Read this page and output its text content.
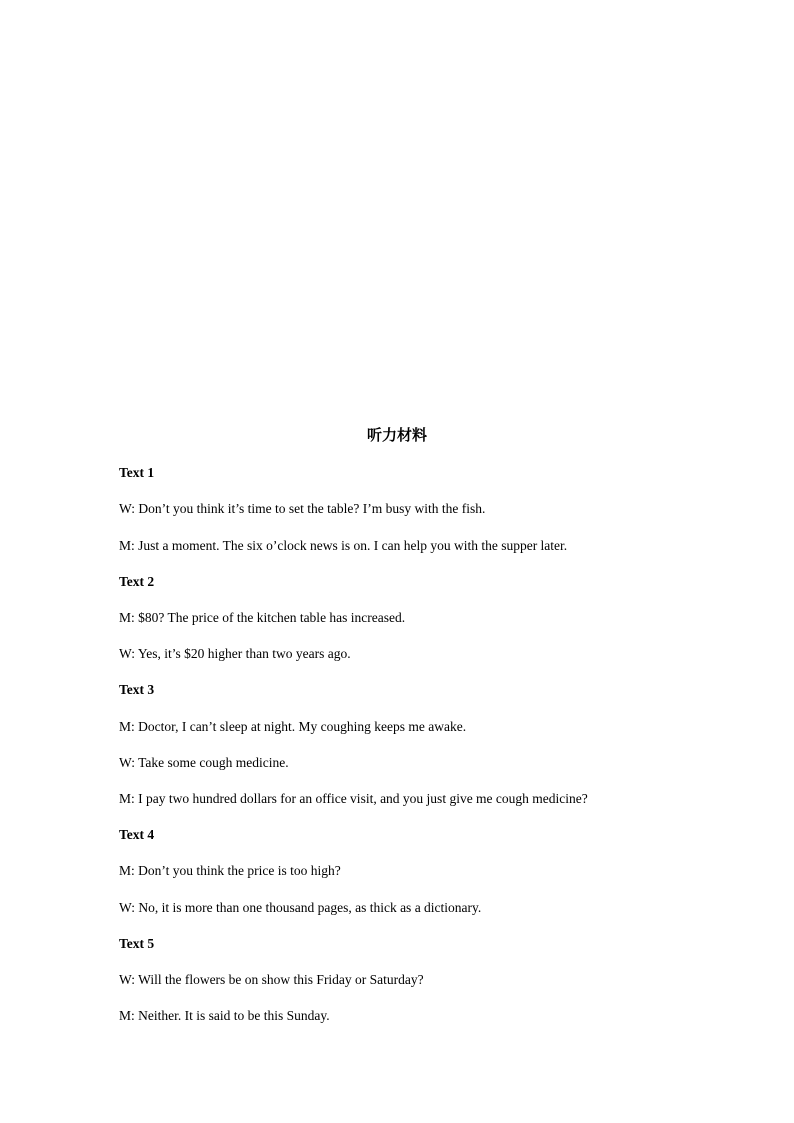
听力材料
Text 1
W: Don’t you think it’s time to set the table? I’m busy with the fish.
M: Just a moment. The six o’clock news is on. I can help you with the supper later.
Text 2
M: $80? The price of the kitchen table has increased.
W: Yes, it’s $20 higher than two years ago.
Text 3
M: Doctor, I can’t sleep at night. My coughing keeps me awake.
W: Take some cough medicine.
M: I pay two hundred dollars for an office visit, and you just give me cough medicine?
Text 4
M: Don’t you think the price is too high?
W: No, it is more than one thousand pages, as thick as a dictionary.
Text 5
W: Will the flowers be on show this Friday or Saturday?
M: Neither. It is said to be this Sunday.
